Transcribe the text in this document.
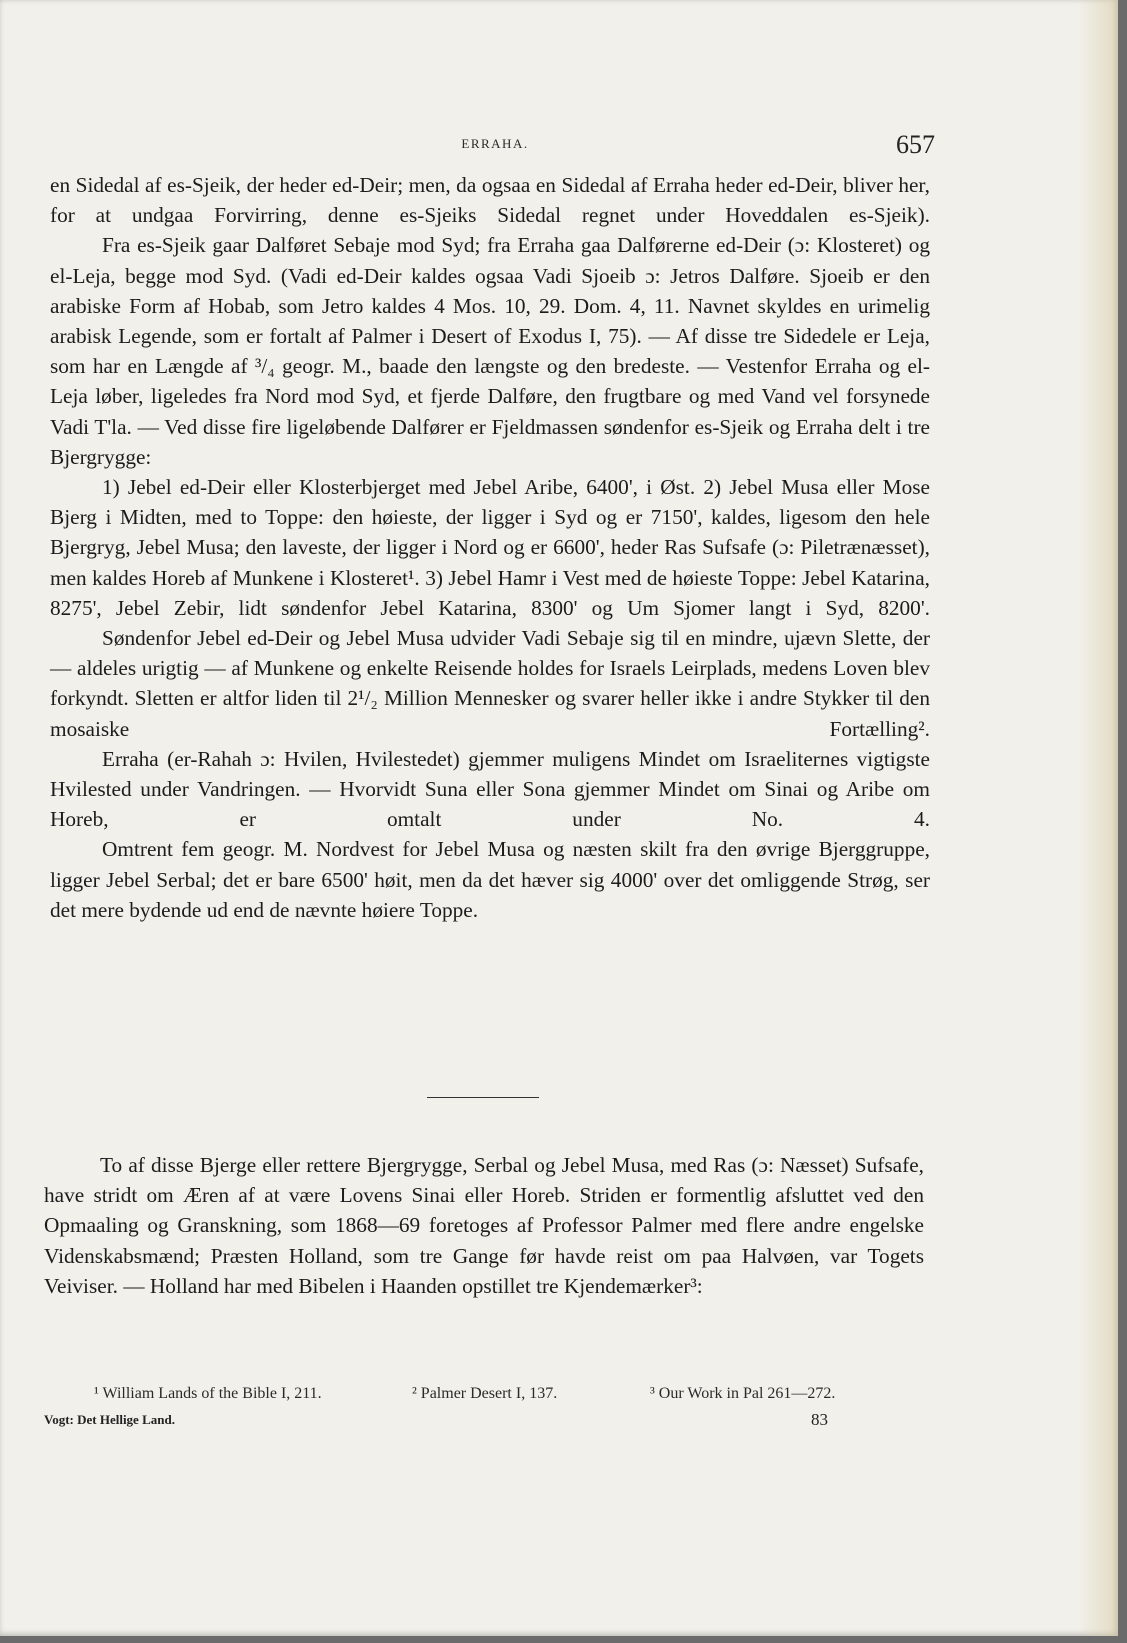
ERRAHA.	657

en Sidedal af es-Sjeik, der heder ed-Deir; men, da ogsaa en Sidedal af Erraha heder ed-Deir, bliver her, for at undgaa Forvirring, denne es-Sjeiks Sidedal regnet under Hoveddalen es-Sjeik).

Fra es-Sjeik gaar Dalføret Sebaje mod Syd; fra Erraha gaa Dalførerne ed-Deir (ɔ: Klosteret) og el-Leja, begge mod Syd. (Vadi ed-Deir kaldes ogsaa Vadi Sjoeib ɔ: Jetros Dalføre. Sjoeib er den arabiske Form af Hobab, som Jetro kaldes 4 Mos. 10, 29. Dom. 4, 11. Navnet skyldes en urimelig arabisk Legende, som er fortalt af Palmer i Desert of Exodus I, 75). — Af disse tre Sidedele er Leja, som har en Længde af ³/₄ geogr. M., baade den længste og den bredeste. — Vestenfor Erraha og el-Leja løber, ligeledes fra Nord mod Syd, et fjerde Dalføre, den frugtbare og med Vand vel forsynede Vadi T'la. — Ved disse fire ligeløbende Dalfører er Fjeldmassen søndenfor es-Sjeik og Erraha delt i tre Bjergrygge:

1) Jebel ed-Deir eller Klosterbjerget med Jebel Aribe, 6400', i Øst. 2) Jebel Musa eller Mose Bjerg i Midten, med to Toppe: den høieste, der ligger i Syd og er 7150', kaldes, ligesom den hele Bjergryg, Jebel Musa; den laveste, der ligger i Nord og er 6600', heder Ras Sufsafe (ɔ: Piletrænæsset), men kaldes Horeb af Munkene i Klosteret¹. 3) Jebel Hamr i Vest med de høieste Toppe: Jebel Katarina, 8275', Jebel Zebir, lidt søndenfor Jebel Katarina, 8300' og Um Sjomer langt i Syd, 8200'.

Søndenfor Jebel ed-Deir og Jebel Musa udvider Vadi Sebaje sig til en mindre, ujævn Slette, der — aldeles urigtig — af Munkene og enkelte Reisende holdes for Israels Leirplads, medens Loven blev forkyndt. Sletten er altfor liden til 2¹/₂ Million Mennesker og svarer heller ikke i andre Stykker til den mosaiske Fortælling².

Erraha (er-Rahah ɔ: Hvilen, Hvilestedet) gjemmer muligens Mindet om Israeliternes vigtigste Hvilested under Vandringen. — Hvorvidt Suna eller Sona gjemmer Mindet om Sinai og Aribe om Horeb, er omtalt under No. 4.

Omtrent fem geogr. M. Nordvest for Jebel Musa og næsten skilt fra den øvrige Bjerggruppe, ligger Jebel Serbal; det er bare 6500' høit, men da det hæver sig 4000' over det omliggende Strøg, ser det mere bydende ud end de nævnte høiere Toppe.

To af disse Bjerge eller rettere Bjergrygge, Serbal og Jebel Musa, med Ras (ɔ: Næsset) Sufsafe, have stridt om Æren af at være Lovens Sinai eller Horeb. Striden er formentlig afsluttet ved den Opmaaling og Granskning, som 1868—69 foretoges af Professor Palmer med flere andre engelske Videnskabsmænd; Præsten Holland, som tre Gange før havde reist om paa Halvøen, var Togets Veiviser. — Holland har med Bibelen i Haanden opstillet tre Kjendemærker³:

¹ William Lands of the Bible I, 211.	² Palmer Desert I, 137.	³ Our Work in Pal 261—272.
Vogt: Det Hellige Land.	83
